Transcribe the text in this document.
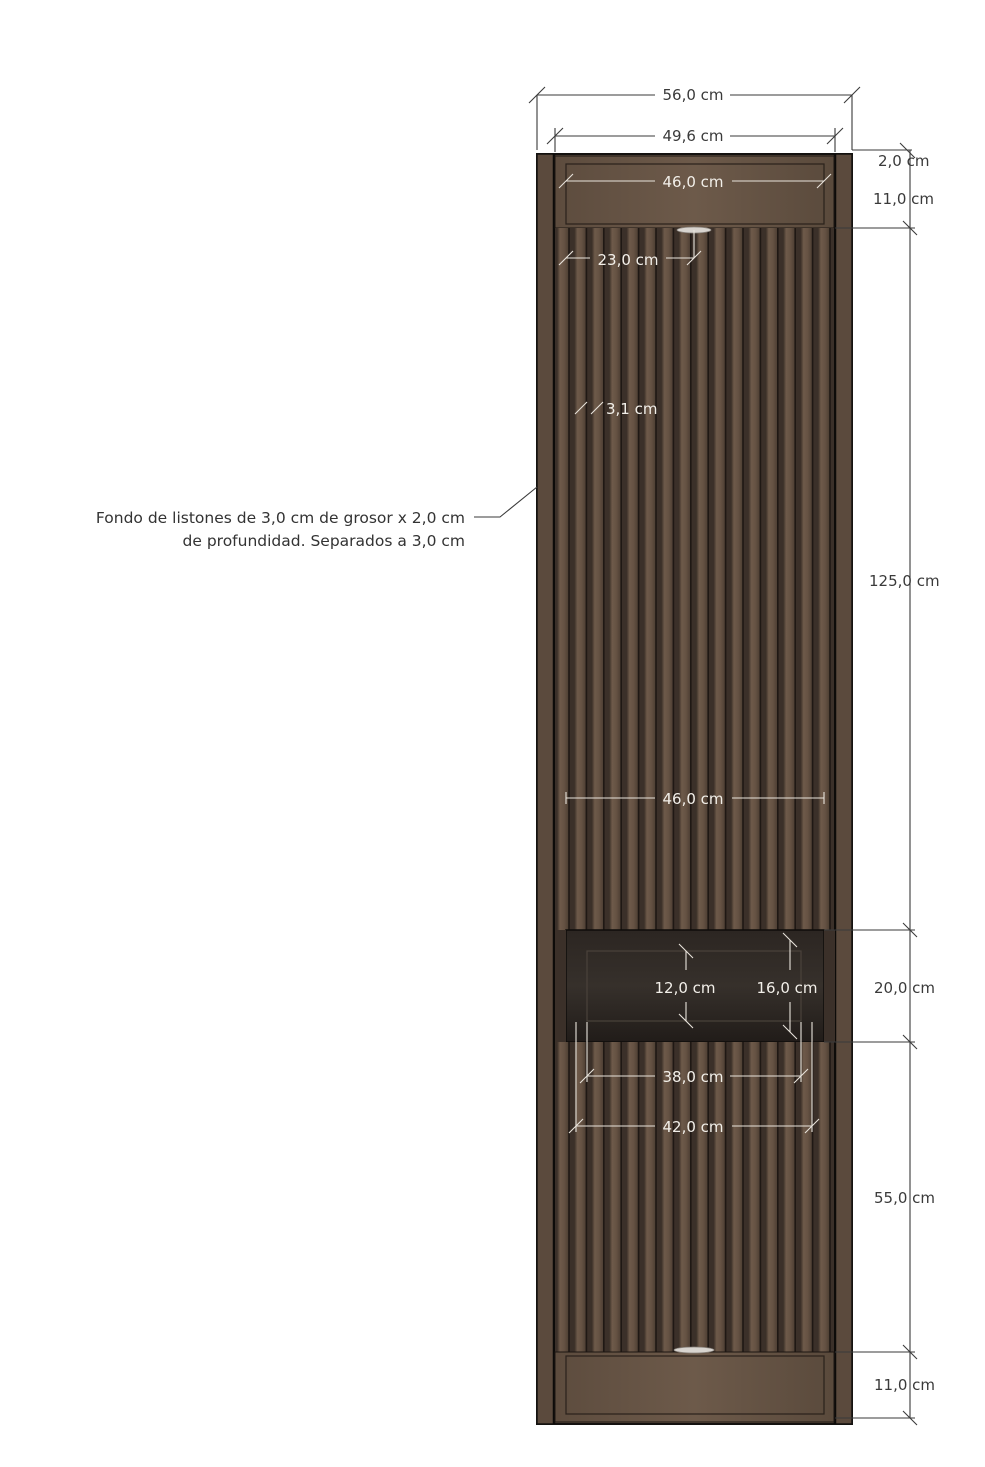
56,0 cm
49,6 cm
2,0 cm
11,0 cm
125,0 cm
20,0 cm
55,0 cm
11,0 cm
Fondo de listones de 3,0 cm de grosor x 2,0 cm
de profundidad. Separados a 3,0 cm
46,0 cm
23,0 cm
3,1 cm
46,0 cm
12,0 cm	16,0 cm
38,0 cm
42,0 cm
